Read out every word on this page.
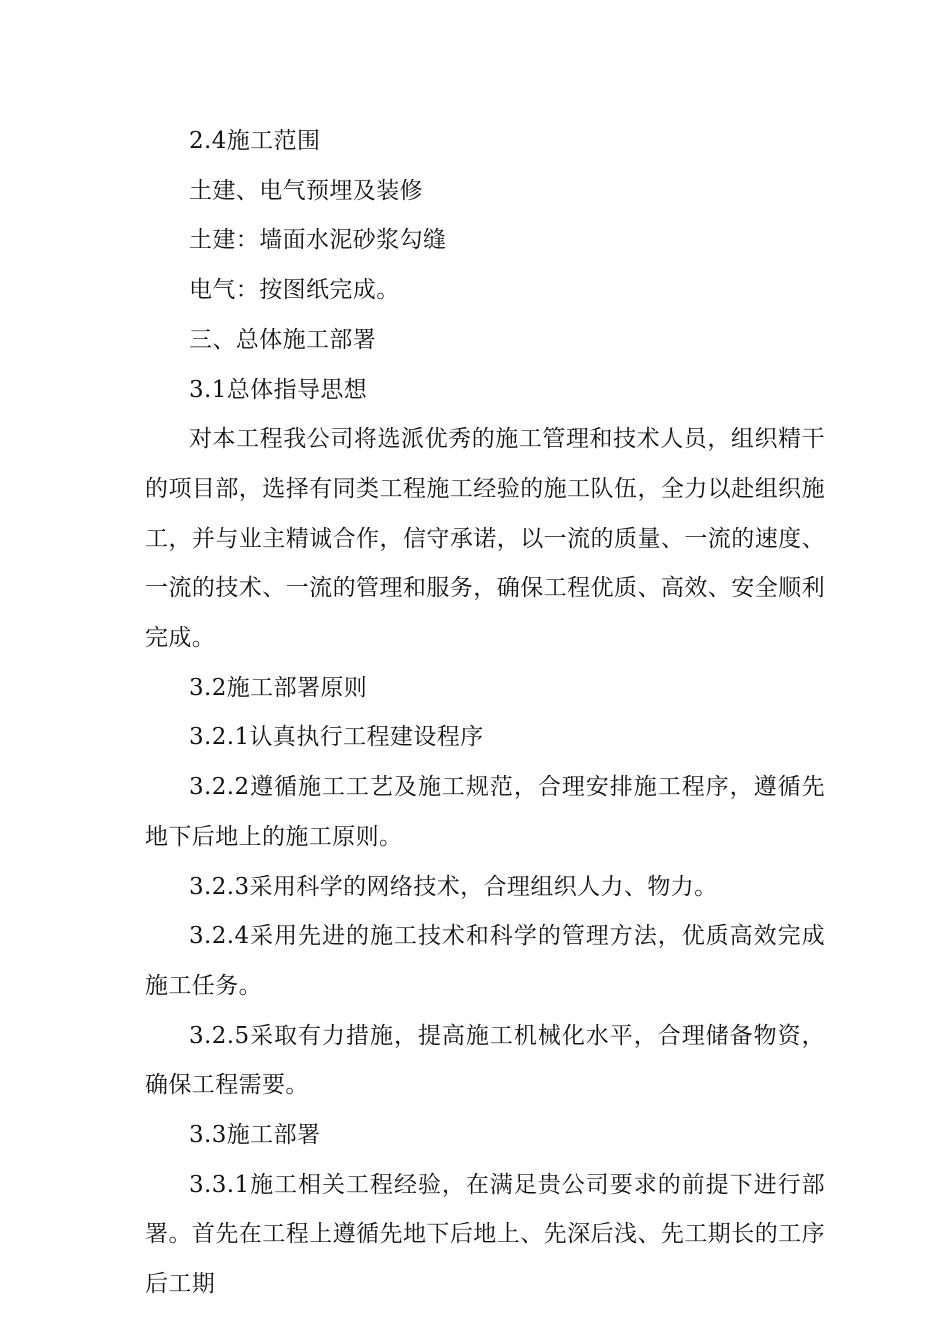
2.4施工范围

土建、电气预埋及装修

土建：墙面水泥砂浆勾缝

电气：按图纸完成。

三、总体施工部署

3.1总体指导思想

对本工程我公司将选派优秀的施工管理和技术人员，组织精干的项目部，选择有同类工程施工经验的施工队伍，全力以赴组织施工，并与业主精诚合作，信守承诺，以一流的质量、一流的速度、一流的技术、一流的管理和服务，确保工程优质、高效、安全顺利完成。

3.2施工部署原则

3.2.1认真执行工程建设程序

3.2.2遵循施工工艺及施工规范，合理安排施工程序，遵循先地下后地上的施工原则。

3.2.3采用科学的网络技术，合理组织人力、物力。

3.2.4采用先进的施工技术和科学的管理方法，优质高效完成施工任务。

3.2.5采取有力措施，提高施工机械化水平，合理储备物资，确保工程需要。

3.3施工部署

3.3.1施工相关工程经验，在满足贵公司要求的前提下进行部署。首先在工程上遵循先地下后地上、先深后浅、先工期长的工序后工期
